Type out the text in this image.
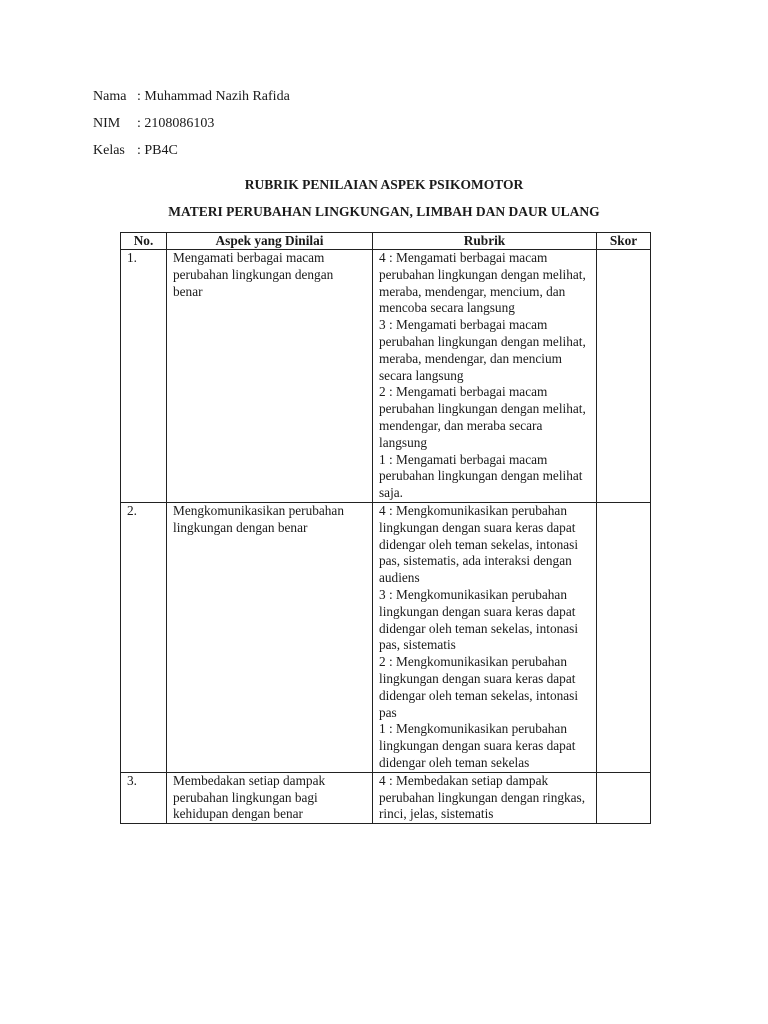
Nama : Muhammad Nazih Rafida
NIM : 2108086103
Kelas : PB4C
RUBRIK PENILAIAN ASPEK PSIKOMOTOR
MATERI PERUBAHAN LINGKUNGAN, LIMBAH DAN DAUR ULANG
No.	Aspek yang Dinilai	Rubrik	Skor
1.	Mengamati berbagai macam perubahan lingkungan dengan benar	4 : Mengamati berbagai macam perubahan lingkungan dengan melihat, meraba, mendengar, mencium, dan mencoba secara langsung
3 : Mengamati berbagai macam perubahan lingkungan dengan melihat, meraba, mendengar, dan mencium secara langsung
2 : Mengamati berbagai macam perubahan lingkungan dengan melihat, mendengar, dan meraba secara langsung
1 : Mengamati berbagai macam perubahan lingkungan dengan melihat saja.	

2.	Mengkomunikasikan perubahan lingkungan dengan benar	4 : Mengkomunikasikan perubahan lingkungan dengan suara keras dapat didengar oleh teman sekelas, intonasi pas, sistematis, ada interaksi dengan audiens
3 : Mengkomunikasikan perubahan lingkungan dengan suara keras dapat didengar oleh teman sekelas, intonasi pas, sistematis
2 : Mengkomunikasikan perubahan lingkungan dengan suara keras dapat didengar oleh teman sekelas, intonasi pas
1 : Mengkomunikasikan perubahan lingkungan dengan suara keras dapat didengar oleh teman sekelas	

3.	Membedakan setiap dampak perubahan lingkungan bagi kehidupan dengan benar	4 : Membedakan setiap dampak perubahan lingkungan dengan ringkas, rinci, jelas, sistematis	
